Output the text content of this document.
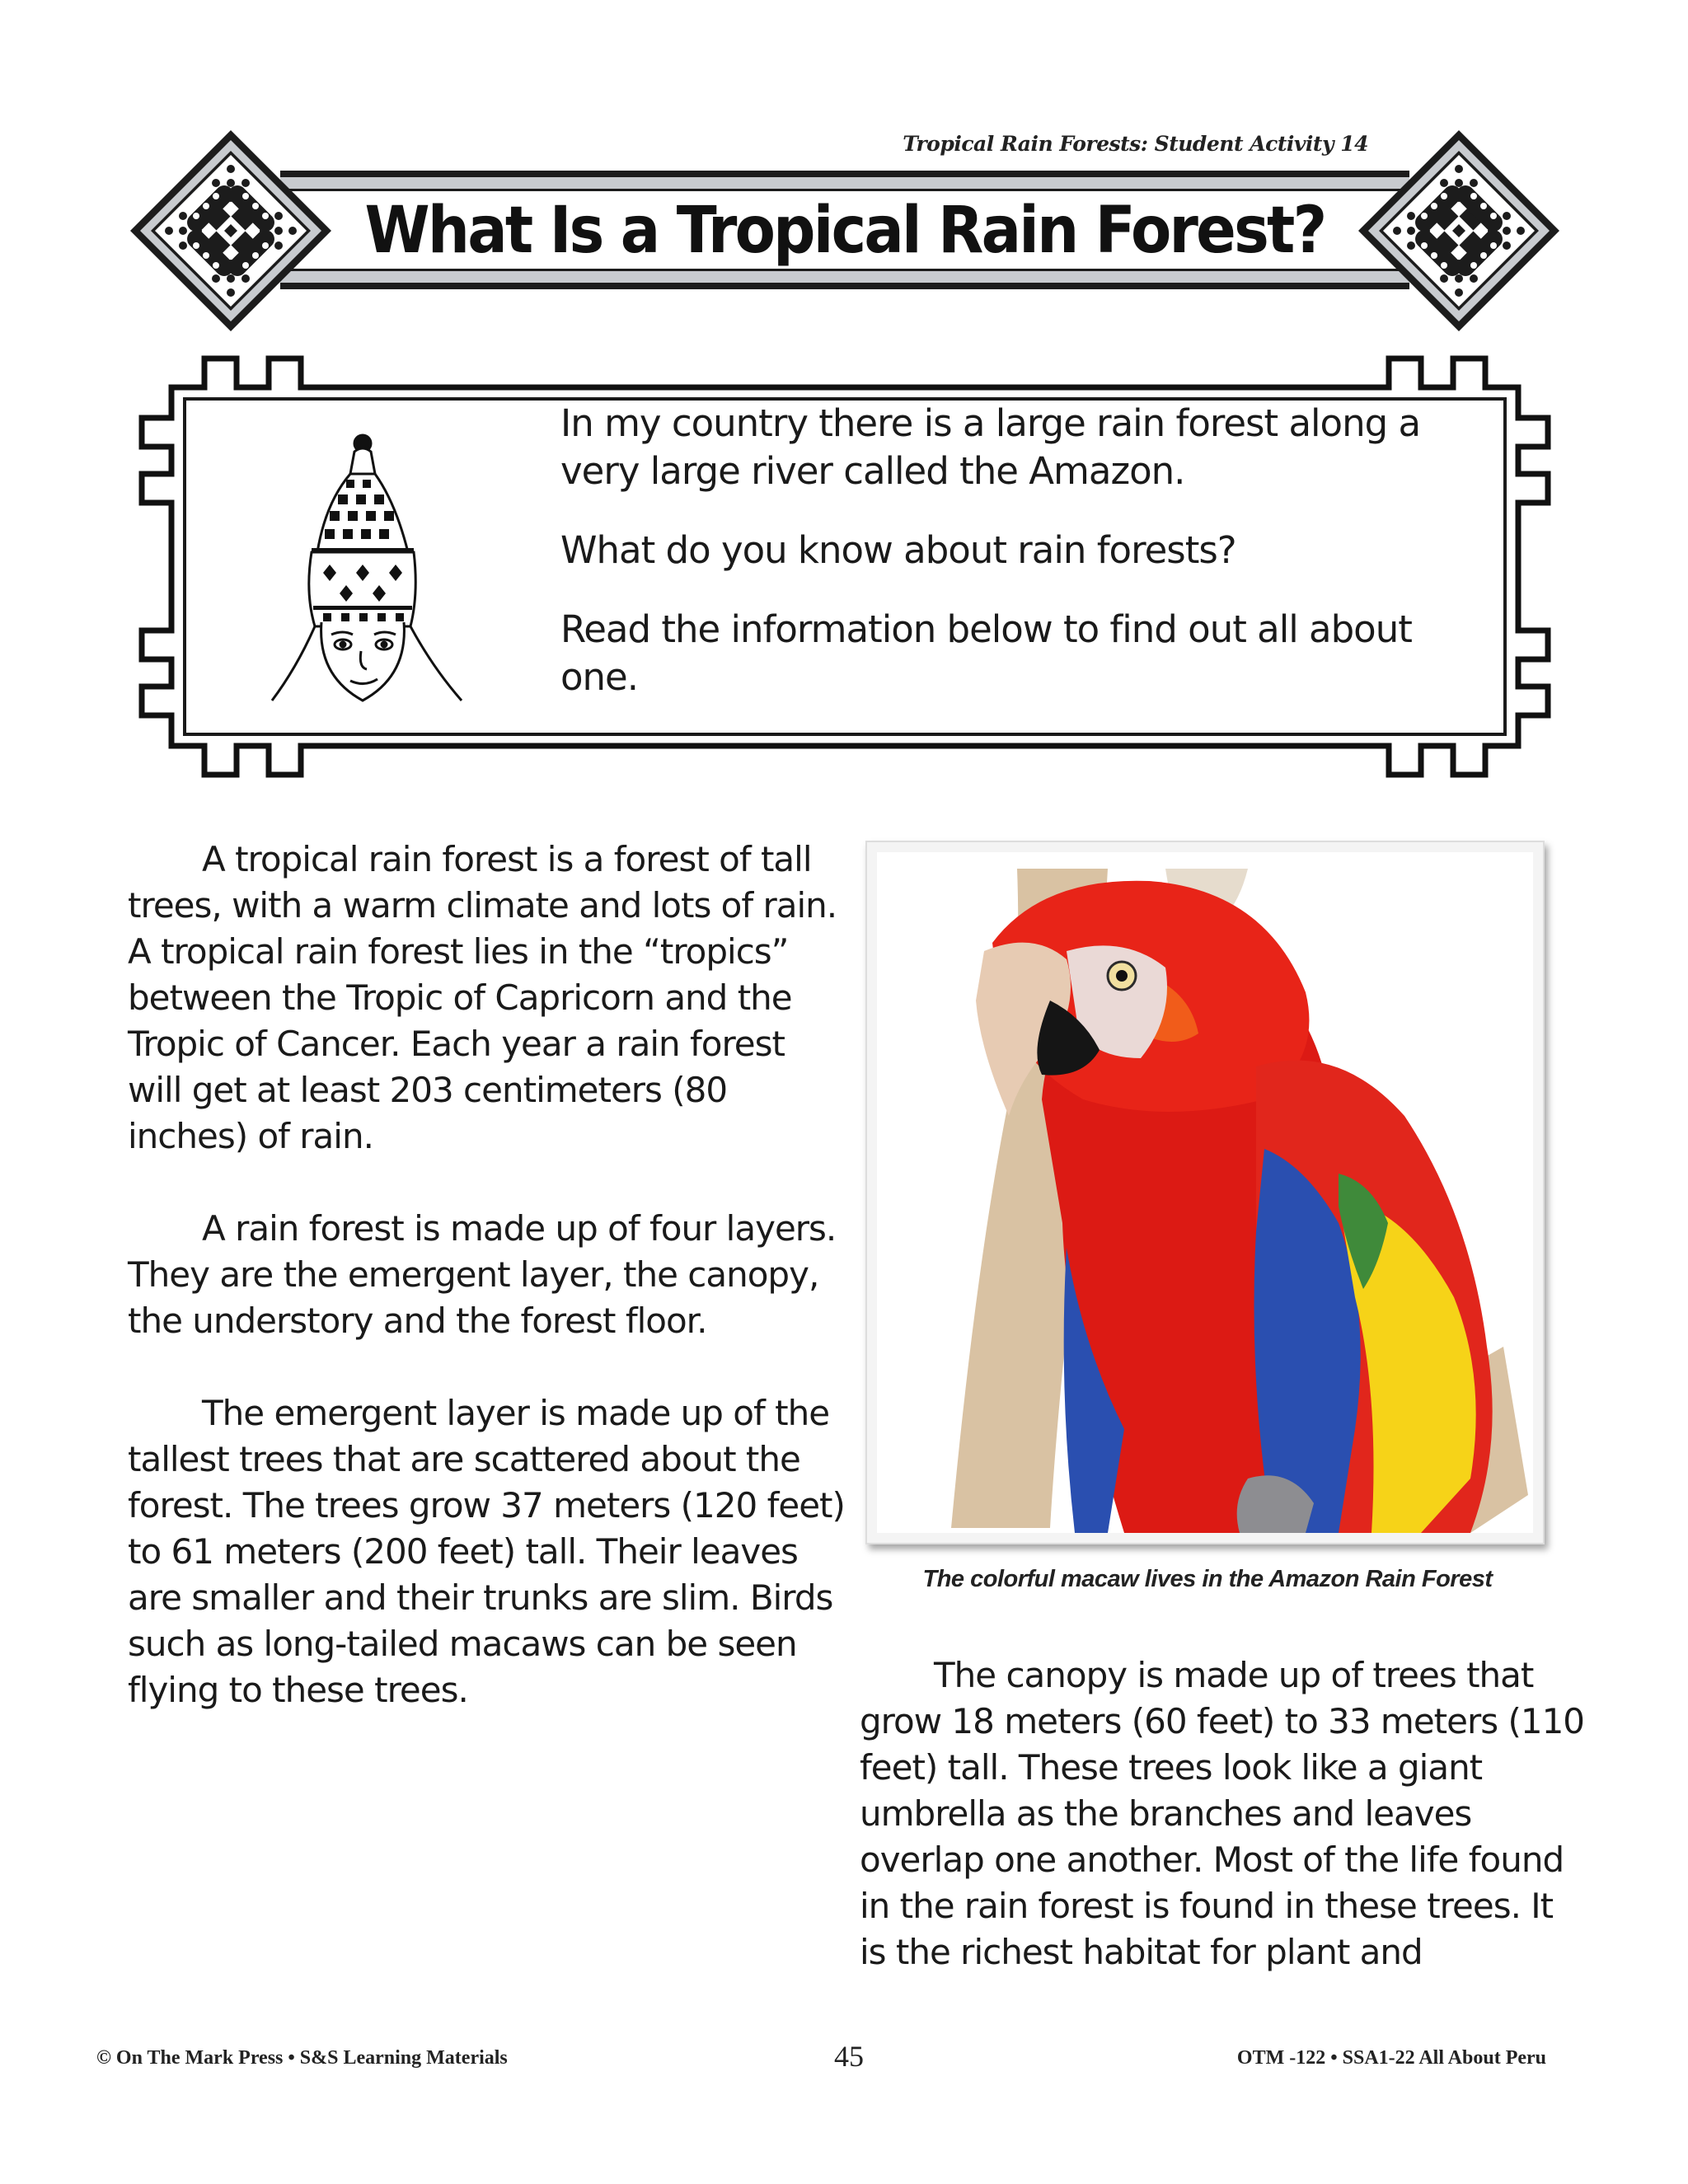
Tropical Rain Forests: Student Activity 14
What Is a Tropical Rain Forest?

In my country there is a large rain forest along a very large river called the Amazon.

What do you know about rain forests?

Read the information below to find out all about one.

A tropical rain forest is a forest of tall trees, with a warm climate and lots of rain. A tropical rain forest lies in the “tropics” between the Tropic of Capricorn and the Tropic of Cancer. Each year a rain forest will get at least 203 centimeters (80 inches) of rain.

A rain forest is made up of four layers. They are the emergent layer, the canopy, the understory and the forest floor.

The emergent layer is made up of the tallest trees that are scattered about the forest. The trees grow 37 meters (120 feet) to 61 meters (200 feet) tall. Their leaves are smaller and their trunks are slim. Birds such as long-tailed macaws can be seen flying to these trees.

The colorful macaw lives in the Amazon Rain Forest

The canopy is made up of trees that grow 18 meters (60 feet) to 33 meters (110 feet) tall. These trees look like a giant umbrella as the branches and leaves overlap one another. Most of the life found in the rain forest is found in these trees. It is the richest habitat for plant and

© On The Mark Press • S&S Learning Materials	45	OTM -122 • SSA1-22 All About Peru
